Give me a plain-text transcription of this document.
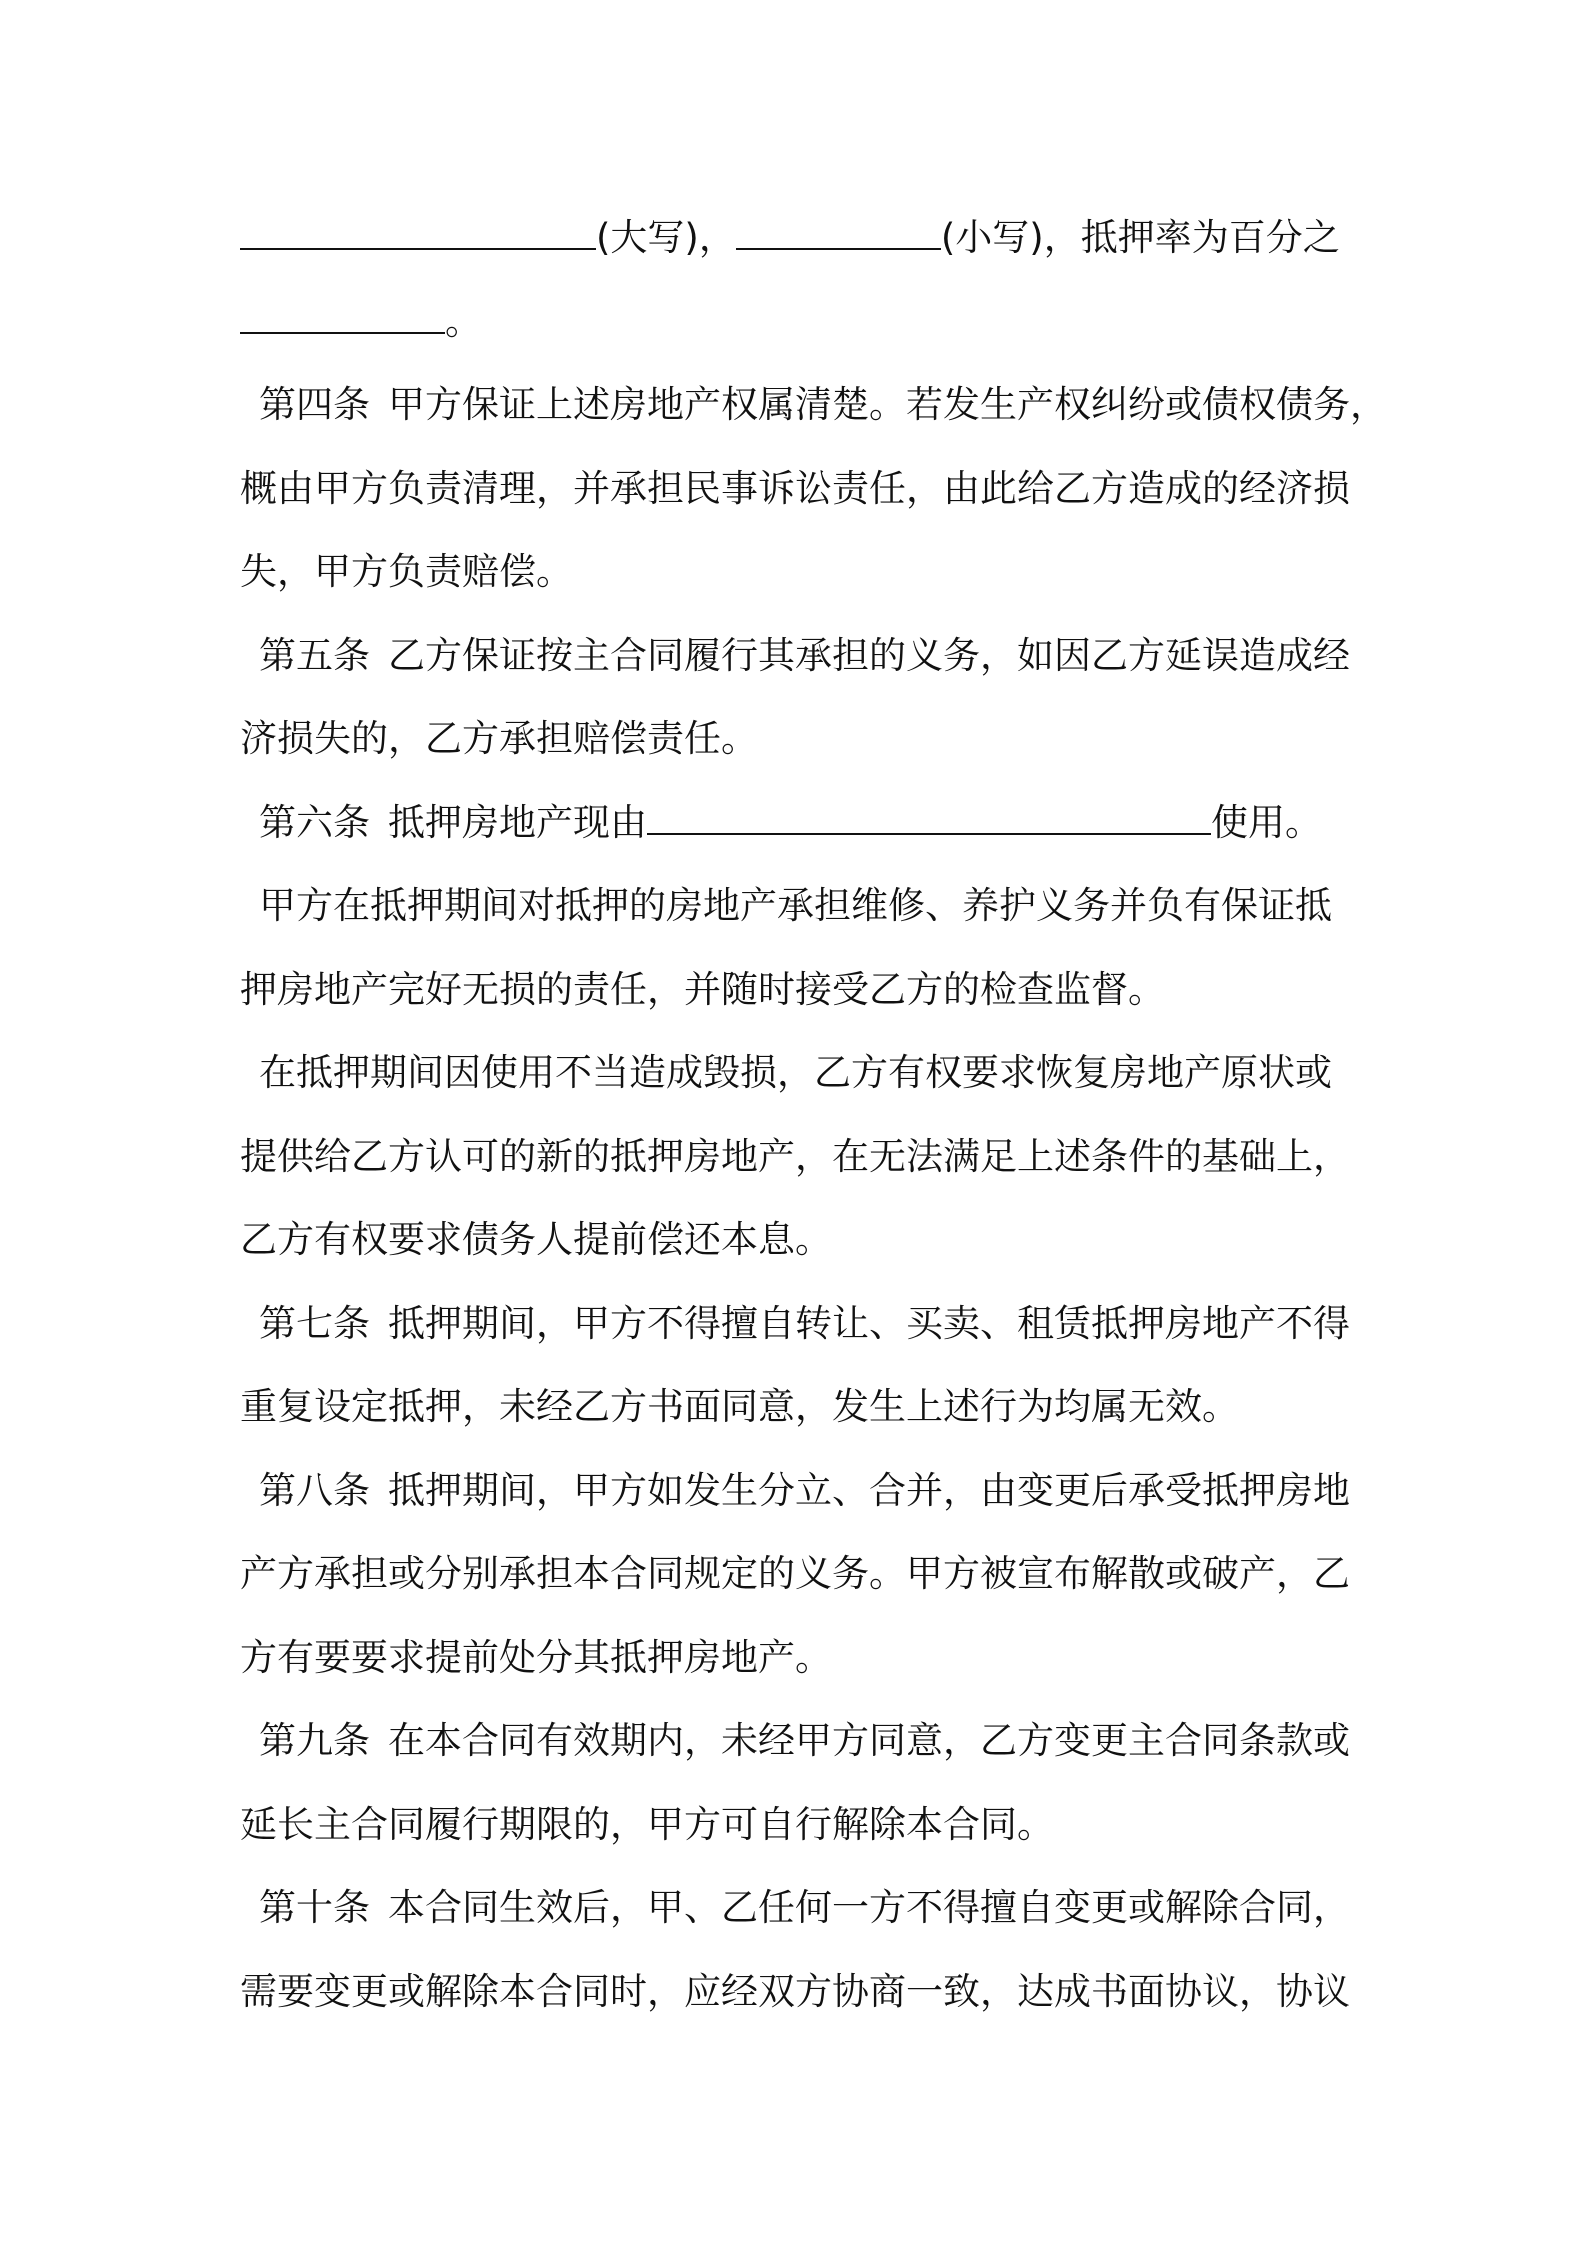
(大写)，	(小写)，抵押率为百分之
。
第四条 甲方保证上述房地产权属清楚。若发生产权纠纷或债权债务，
概由甲方负责清理，并承担民事诉讼责任，由此给乙方造成的经济损
失，甲方负责赔偿。
第五条 乙方保证按主合同履行其承担的义务，如因乙方延误造成经
济损失的，乙方承担赔偿责任。
第六条 抵押房地产现由	使用。
甲方在抵押期间对抵押的房地产承担维修、养护义务并负有保证抵
押房地产完好无损的责任，并随时接受乙方的检查监督。
在抵押期间因使用不当造成毁损，乙方有权要求恢复房地产原状或
提供给乙方认可的新的抵押房地产，在无法满足上述条件的基础上，
乙方有权要求债务人提前偿还本息。
第七条 抵押期间，甲方不得擅自转让、买卖、租赁抵押房地产不得
重复设定抵押，未经乙方书面同意，发生上述行为均属无效。
第八条 抵押期间，甲方如发生分立、合并，由变更后承受抵押房地
产方承担或分别承担本合同规定的义务。甲方被宣布解散或破产，乙
方有要要求提前处分其抵押房地产。
第九条 在本合同有效期内，未经甲方同意，乙方变更主合同条款或
延长主合同履行期限的，甲方可自行解除本合同。
第十条 本合同生效后，甲、乙任何一方不得擅自变更或解除合同，
需要变更或解除本合同时，应经双方协商一致，达成书面协议，协议
